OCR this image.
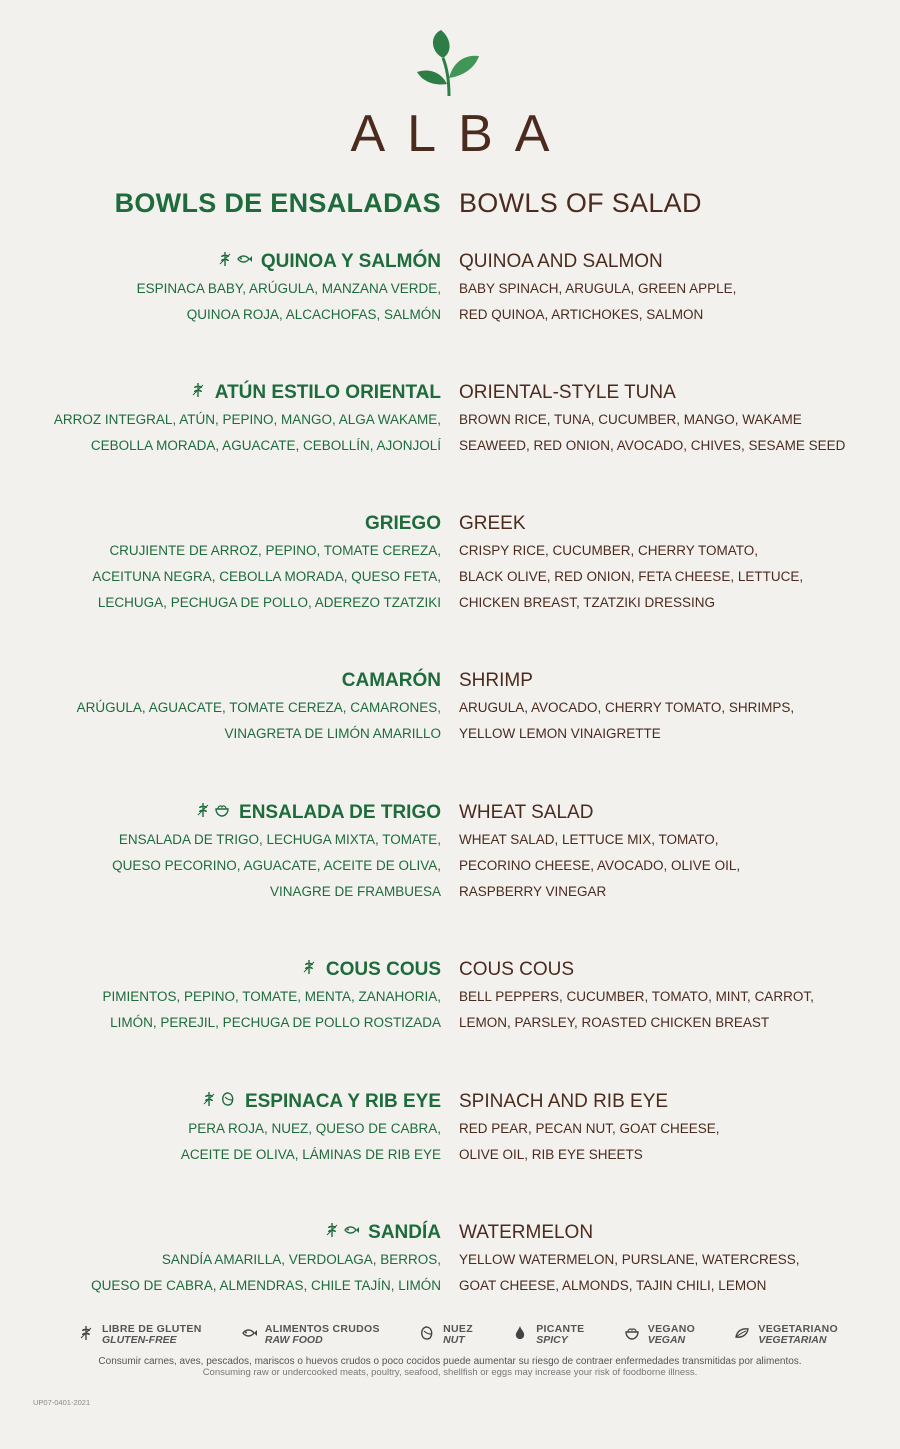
ALBA
BOWLS DE ENSALADAS BOWLS OF SALAD
QUINOA Y SALMÓN
ESPINACA BABY, ARÚGULA, MANZANA VERDE,
QUINOA ROJA, ALCACHOFAS, SALMÓN
QUINOA AND SALMON
BABY SPINACH, ARUGULA, GREEN APPLE,
RED QUINOA, ARTICHOKES, SALMON
ATÚN ESTILO ORIENTAL
ARROZ INTEGRAL, ATÚN, PEPINO, MANGO, ALGA WAKAME,
CEBOLLA MORADA, AGUACATE, CEBOLLÍN, AJONJOLÍ
ORIENTAL-STYLE TUNA
BROWN RICE, TUNA, CUCUMBER, MANGO, WAKAME
SEAWEED, RED ONION, AVOCADO, CHIVES, SESAME SEED
GRIEGO
CRUJIENTE DE ARROZ, PEPINO, TOMATE CEREZA,
ACEITUNA NEGRA, CEBOLLA MORADA, QUESO FETA,
LECHUGA, PECHUGA DE POLLO, ADEREZO TZATZIKI
GREEK
CRISPY RICE, CUCUMBER, CHERRY TOMATO,
BLACK OLIVE, RED ONION, FETA CHEESE, LETTUCE,
CHICKEN BREAST, TZATZIKI DRESSING
CAMARÓN
ARÚGULA, AGUACATE, TOMATE CEREZA, CAMARONES,
VINAGRETA DE LIMÓN AMARILLO
SHRIMP
ARUGULA, AVOCADO, CHERRY TOMATO, SHRIMPS,
YELLOW LEMON VINAIGRETTE
ENSALADA DE TRIGO
ENSALADA DE TRIGO, LECHUGA MIXTA, TOMATE,
QUESO PECORINO, AGUACATE, ACEITE DE OLIVA,
VINAGRE DE FRAMBUESA
WHEAT SALAD
WHEAT SALAD, LETTUCE MIX, TOMATO,
PECORINO CHEESE, AVOCADO, OLIVE OIL,
RASPBERRY VINEGAR
COUS COUS
PIMIENTOS, PEPINO, TOMATE, MENTA, ZANAHORIA,
LIMÓN, PEREJIL, PECHUGA DE POLLO ROSTIZADA
COUS COUS
BELL PEPPERS, CUCUMBER, TOMATO, MINT, CARROT,
LEMON, PARSLEY, ROASTED CHICKEN BREAST
ESPINACA Y RIB EYE
PERA ROJA, NUEZ, QUESO DE CABRA,
ACEITE DE OLIVA, LÁMINAS DE RIB EYE
SPINACH AND RIB EYE
RED PEAR, PECAN NUT, GOAT CHEESE,
OLIVE OIL, RIB EYE SHEETS
SANDÍA
SANDÍA AMARILLA, VERDOLAGA, BERROS,
QUESO DE CABRA, ALMENDRAS, CHILE TAJÍN, LIMÓN
WATERMELON
YELLOW WATERMELON, PURSLANE, WATERCRESS,
GOAT CHEESE, ALMONDS, TAJIN CHILI, LEMON
LIBRE DE GLUTEN
GLUTEN-FREE
ALIMENTOS CRUDOS
RAW FOOD
NUEZ
NUT
PICANTE
SPICY
VEGANO
VEGAN
VEGETARIANO
VEGETARIAN
Consumir carnes, aves, pescados, mariscos o huevos crudos o poco cocidos puede aumentar su riesgo de contraer enfermedades transmitidas por alimentos.
Consuming raw or undercooked meats, poultry, seafood, shellfish or eggs may increase your risk of foodborne illness.
UP07-0401-2021
